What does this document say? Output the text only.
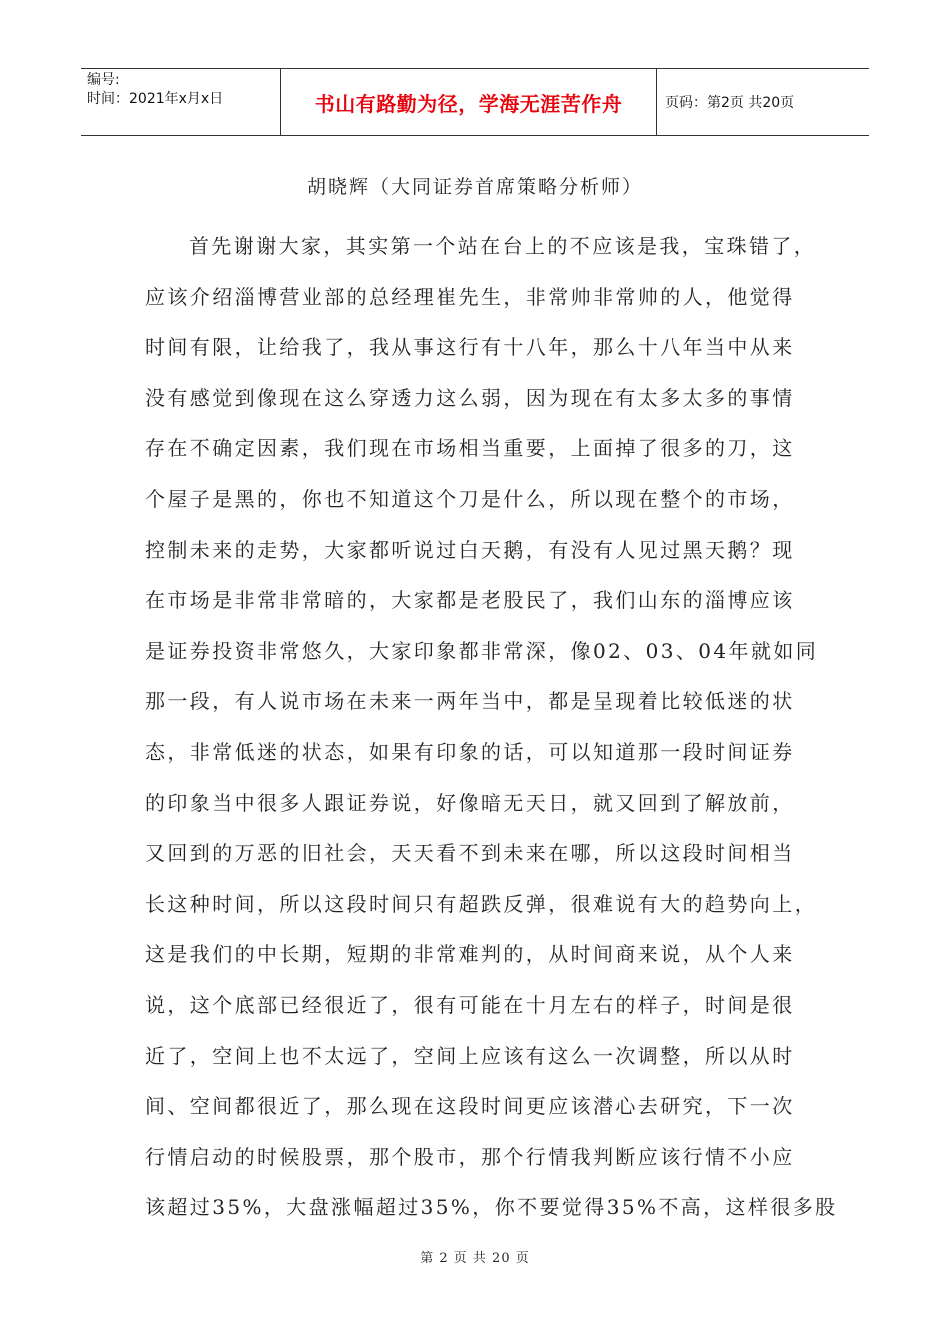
编号:
时间：2021年x月x日	书山有路勤为径，学海无涯苦作舟	页码：第2页 共20页
胡晓辉（大同证券首席策略分析师）
首先谢谢大家，其实第一个站在台上的不应该是我，宝珠错了，
应该介绍淄博营业部的总经理崔先生，非常帅非常帅的人，他觉得
时间有限，让给我了，我从事这行有十八年，那么十八年当中从来
没有感觉到像现在这么穿透力这么弱，因为现在有太多太多的事情
存在不确定因素，我们现在市场相当重要，上面掉了很多的刀，这
个屋子是黑的，你也不知道这个刀是什么，所以现在整个的市场，
控制未来的走势，大家都听说过白天鹅，有没有人见过黑天鹅？现
在市场是非常非常暗的，大家都是老股民了，我们山东的淄博应该
是证券投资非常悠久，大家印象都非常深，像02、03、04年就如同
那一段，有人说市场在未来一两年当中，都是呈现着比较低迷的状
态，非常低迷的状态，如果有印象的话，可以知道那一段时间证券
的印象当中很多人跟证券说，好像暗无天日，就又回到了解放前，
又回到的万恶的旧社会，天天看不到未来在哪，所以这段时间相当
长这种时间，所以这段时间只有超跌反弹，很难说有大的趋势向上，
这是我们的中长期，短期的非常难判的，从时间商来说，从个人来
说，这个底部已经很近了，很有可能在十月左右的样子，时间是很
近了，空间上也不太远了，空间上应该有这么一次调整，所以从时
间、空间都很近了，那么现在这段时间更应该潜心去研究，下一次
行情启动的时候股票，那个股市，那个行情我判断应该行情不小应
该超过35%，大盘涨幅超过35%，你不要觉得35%不高，这样很多股
第 2 页 共 20 页
